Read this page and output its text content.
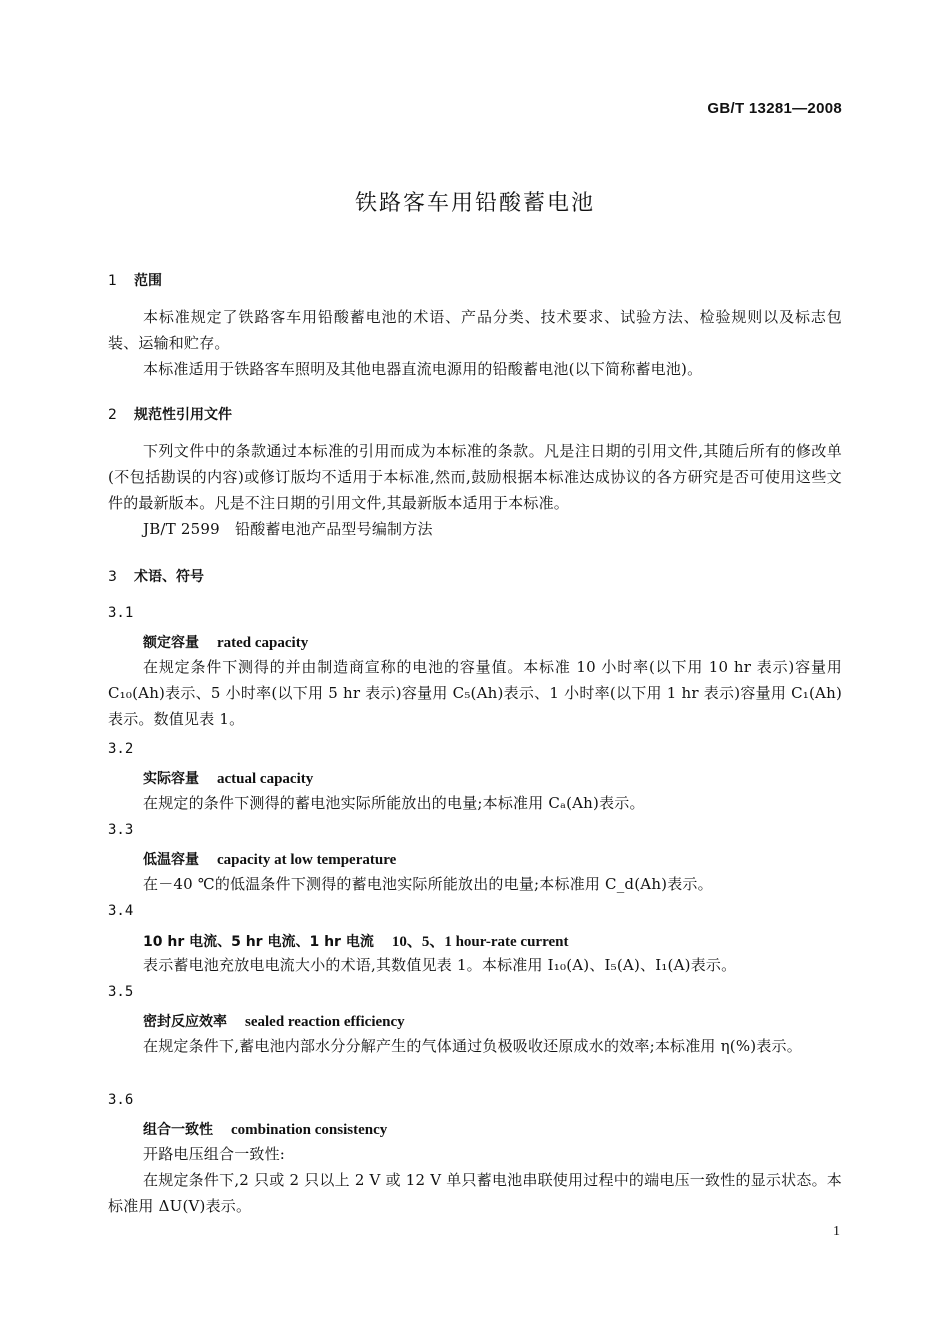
GB/T 13281—2008
铁路客车用铅酸蓄电池
1 范围
本标准规定了铁路客车用铅酸蓄电池的术语、产品分类、技术要求、试验方法、检验规则以及标志包装、运输和贮存。
本标准适用于铁路客车照明及其他电器直流电源用的铅酸蓄电池(以下简称蓄电池)。
2 规范性引用文件
下列文件中的条款通过本标准的引用而成为本标准的条款。凡是注日期的引用文件,其随后所有的修改单(不包括勘误的内容)或修订版均不适用于本标准,然而,鼓励根据本标准达成协议的各方研究是否可使用这些文件的最新版本。凡是不注日期的引用文件,其最新版本适用于本标准。
JB/T 2599　铅酸蓄电池产品型号编制方法
3 术语、符号
3.1
额定容量 rated capacity
在规定条件下测得的并由制造商宣称的电池的容量值。本标准 10 小时率(以下用 10 hr 表示)容量用 C₁₀(Ah)表示、5 小时率(以下用 5 hr 表示)容量用 C₅(Ah)表示、1 小时率(以下用 1 hr 表示)容量用 C₁(Ah)表示。数值见表 1。
3.2
实际容量 actual capacity
在规定的条件下测得的蓄电池实际所能放出的电量;本标准用 Cₐ(Ah)表示。
3.3
低温容量 capacity at low temperature
在－40 ℃的低温条件下测得的蓄电池实际所能放出的电量;本标准用 C_d(Ah)表示。
3.4
10 hr 电流、5 hr 电流、1 hr 电流 10、5、1 hour-rate current
表示蓄电池充放电电流大小的术语,其数值见表 1。本标准用 I₁₀(A)、I₅(A)、I₁(A)表示。
3.5
密封反应效率 sealed reaction efficiency
在规定条件下,蓄电池内部水分分解产生的气体通过负极吸收还原成水的效率;本标准用 η(%)表示。
3.6
组合一致性 combination consistency
开路电压组合一致性:
在规定条件下,2 只或 2 只以上 2 V 或 12 V 单只蓄电池串联使用过程中的端电压一致性的显示状态。本标准用 ΔU(V)表示。
1
